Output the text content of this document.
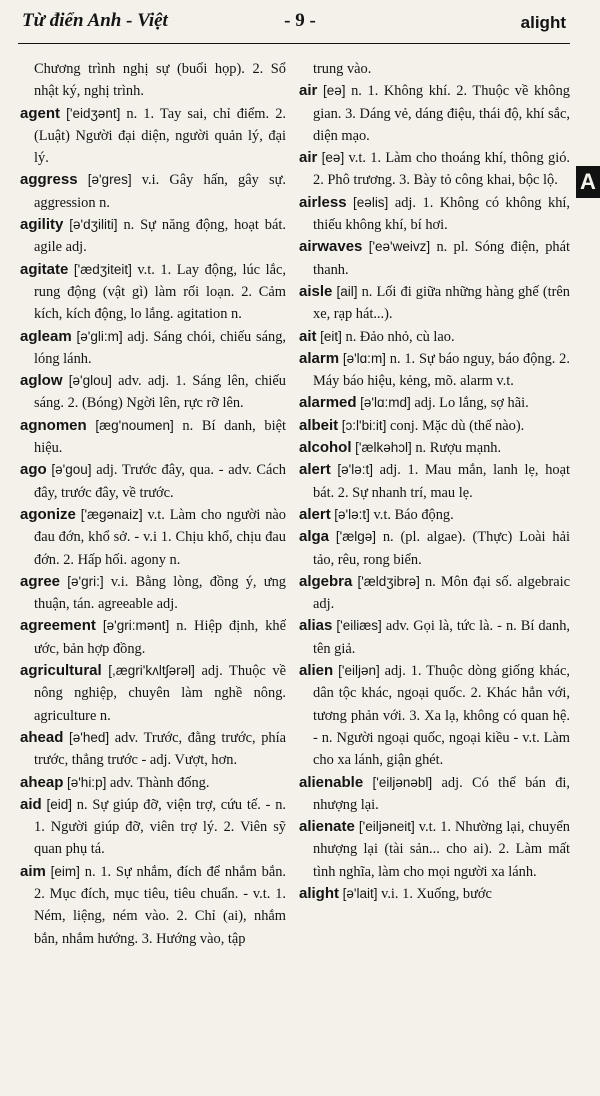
Từ điển Anh - Việt	- 9 -	alight
A

Chương trình nghị sự (buổi họp). 2. Sổ nhật ký, nghị trình.

agent ['eidʒənt] n. 1. Tay sai, chỉ điểm. 2. (Luật) Người đại diện, người quản lý, đại lý.

aggress [ə'gres] v.i. Gây hấn, gây sự. aggression n.

agility [ə'dʒiliti] n. Sự năng động, hoạt bát. agile adj.

agitate ['ædʒiteit] v.t. 1. Lay động, lúc lắc, rung động (vật gì) làm rối loạn. 2. Cảm kích, kích động, lo lắng. agitation n.

agleam [ə'gli:m] adj. Sáng chói, chiếu sáng, lóng lánh.

aglow [ə'glou] adv. adj. 1. Sáng lên, chiếu sáng. 2. (Bóng) Ngời lên, rực rỡ lên.

agnomen [æg'noumen] n. Bí danh, biệt hiệu.

ago [ə'gou] adj. Trước đây, qua. - adv. Cách đây, trước đây, về trước.

agonize ['ægənaiz] v.t. Làm cho người nào đau đớn, khổ sở. - v.i 1. Chịu khổ, chịu đau đớn. 2. Hấp hối. agony n.

agree [ə'gri:] v.i. Bằng lòng, đồng ý, ưng thuận, tán. agreeable adj.

agreement [ə'gri:mənt] n. Hiệp định, khế ước, bản hợp đồng.

agricultural [,ægri'kʌltʃərəl] adj. Thuộc về nông nghiệp, chuyên làm nghề nông. agriculture n.

ahead [ə'hed] adv. Trước, đằng trước, phía trước, thẳng trước - adj. Vượt, hơn.

aheap [ə'hi:p] adv. Thành đống.

aid [eid] n. Sự giúp đỡ, viện trợ, cứu tế. - n. 1. Người giúp đỡ, viên trợ lý. 2. Viên sỹ quan phụ tá.

aim [eim] n. 1. Sự nhắm, đích để nhắm bắn. 2. Mục đích, mục tiêu, tiêu chuẩn. - v.t. 1. Ném, liệng, ném vào. 2. Chỉ (ai), nhắm bắn, nhắm hướng. 3. Hướng vào, tập

trung vào.

air [eə] n. 1. Không khí. 2. Thuộc về không gian. 3. Dáng vẻ, dáng điệu, thái độ, khí sắc, diện mạo.

air [eə] v.t. 1. Làm cho thoáng khí, thông gió. 2. Phô trương. 3. Bày tỏ công khai, bộc lộ.

airless [eəlis] adj. 1. Không có không khí, thiếu không khí, bí hơi.

airwaves ['eə'weivz] n. pl. Sóng điện, phát thanh.

aisle [ail] n. Lối đi giữa những hàng ghế (trên xe, rạp hát...).

ait [eit] n. Đảo nhỏ, cù lao.

alarm [ə'lɑ:m] n. 1. Sự báo nguy, báo động. 2. Máy báo hiệu, kẻng, mõ. alarm v.t.

alarmed [ə'lɑ:md] adj. Lo lắng, sợ hãi.

albeit [ɔ:l'bi:it] conj. Mặc dù (thế nào).

alcohol ['ælkəhɔl] n. Rượu mạnh.

alert [ə'lə:t] adj. 1. Mau mắn, lanh lẹ, hoạt bát. 2. Sự nhanh trí, mau lẹ.

alert [ə'lə:t] v.t. Báo động.

alga ['ælgə] n. (pl. algae). (Thực) Loài hải tảo, rêu, rong biển.

algebra ['ældʒibrə] n. Môn đại số. algebraic adj.

alias ['eiliæs] adv. Gọi là, tức là. - n. Bí danh, tên giả.

alien ['eiljən] adj. 1. Thuộc dòng giống khác, dân tộc khác, ngoại quốc. 2. Khác hẳn với, tương phản với. 3. Xa lạ, không có quan hệ. - n. Người ngoại quốc, ngoại kiều - v.t. Làm cho xa lánh, giận ghét.

alienable ['eiljənəbl] adj. Có thể bán đi, nhượng lại.

alienate ['eiljəneit] v.t. 1. Nhường lại, chuyển nhượng lại (tài sản... cho ai). 2. Làm mất tình nghĩa, làm cho mọi người xa lánh.

alight [ə'lait] v.i. 1. Xuống, bước
